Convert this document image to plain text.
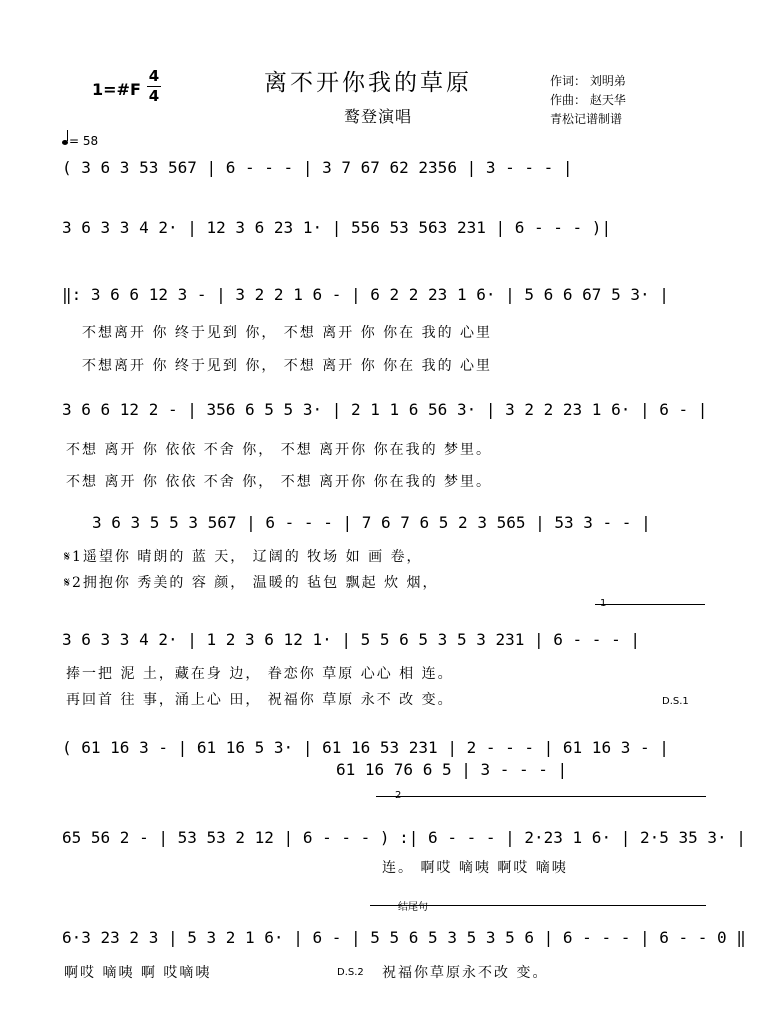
1=#F
4
4	离不开你我的草原
鹜登演唱
作词： 刘明弟
作曲： 赵天华
青松记谱制谱
= 58
( 3 6 3 53 567 | 6 - - - | 3 7 67 62 2356 | 3 - - - |
3 6 3 3 4 2· | 12 3 6 23 1· | 556 53 563 231 | 6 - - - )|
‖: 3 6 6 12 3 - | 3 2 2 1 6 - | 6 2 2 23 1 6· | 5 6 6 67 5 3· |
不想离开 你 终于见到 你， 不想 离开 你 你在 我的 心里
不想离开 你 终于见到 你， 不想 离开 你 你在 我的 心里
3 6 6 12 2 - | 356 6 5 5 3· | 2 1 1 6 56 3· | 3 2 2 23 1 6· | 6 - |
不想 离开 你 依依 不舍 你， 不想 离开你 你在我的 梦里。
不想 离开 你 依依 不舍 你， 不想 离开你 你在我的 梦里。
3 6 3 5 5 3 567 | 6 - - - | 7 6 7 6 5 2 3 565 | 53 3 - - |
𝄋1遥望你 晴朗的 蓝 天， 辽阔的 牧场 如 画 卷，
𝄋2拥抱你 秀美的 容 颜， 温暖的 毡包 飘起 炊 烟，
1
3 6 3 3 4 2· | 1 2 3 6 12 1· | 5 5 6 5 3 5 3 231 | 6 - - - |
捧一把 泥 土，藏在身 边， 眷恋你 草原 心心 相 连。
再回首 往 事，涌上心 田， 祝福你 草原 永不 改 变。	D.S.1
( 61 16 3 - | 61 16 5 3· | 61 16 53 231 | 2 - - - | 61 16 3 - |
61 16 76 6 5 | 3 - - - |
2
65 56 2 - | 53 53 2 12 | 6 - - - ) :| 6 - - - | 2·23 1 6· | 2·5 35 3· |
连。 啊哎 嘀咦 啊哎 嘀咦
结尾句
6·3 23 2 3 | 5 3 2 1 6· | 6 - | 5 5 6 5 3 5 3 5 6 | 6 - - - | 6 - - 0 ‖
啊哎 嘀咦 啊 哎嘀咦	D.S.2 祝福你草原永不改 变。
